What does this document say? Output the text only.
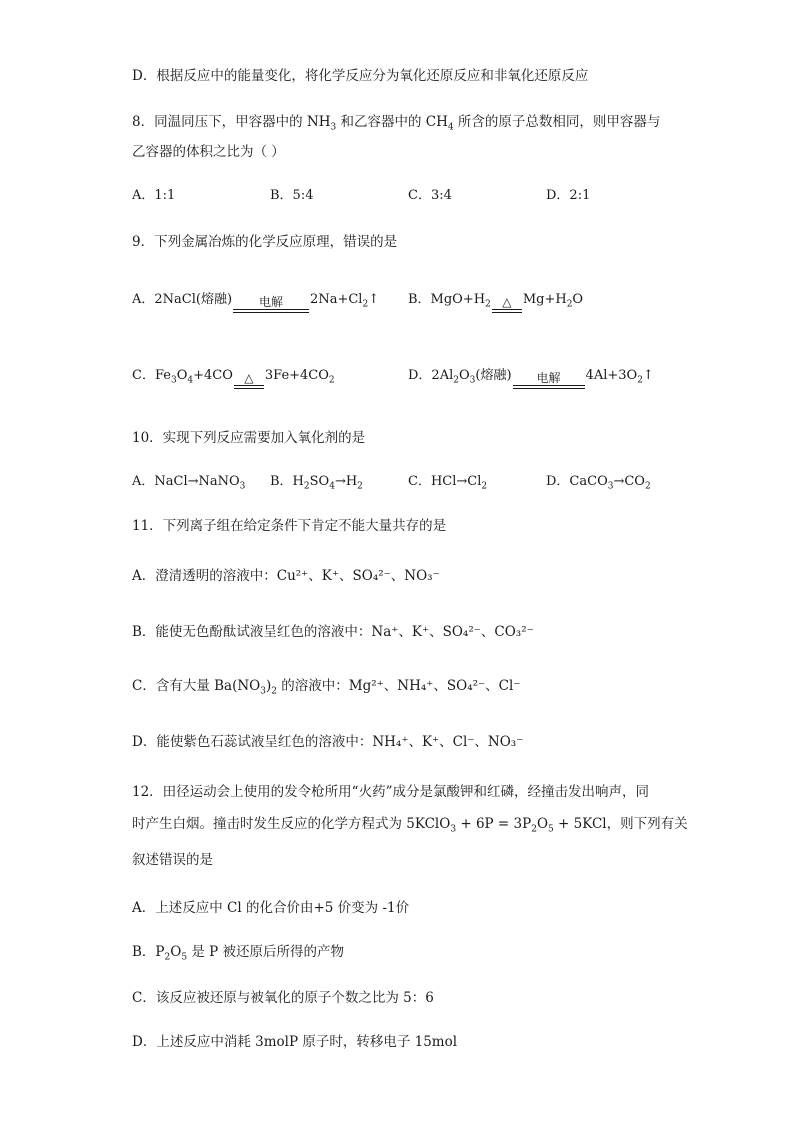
D．根据反应中的能量变化，将化学反应分为氧化还原反应和非氧化还原反应
8．同温同压下，甲容器中的 $NH_3$ 和乙容器中的 $CH_4$ 所含的原子总数相同，则甲容器与
乙容器的体积之比为（ ）
A．1:1	B．5:4	C．3:4	D．2:1
9．下列金属冶炼的化学反应原理，错误的是
A．2NaCl(熔融) 电解 $2Na+Cl_2↑$ B．$MgO+H_2$ △ $Mg+H_2O$
C．$Fe_3O_4+4CO$ △ $3Fe+4CO_2$	D．$2Al_2O_3$(熔融) 电解 $4Al+3O_2↑$
10．实现下列反应需要加入氧化剂的是
A．NaCl→NaNO$_3$ B．$H_2SO_4\to H_2$	C．$HCl\to Cl_2$	D．$CaCO_3\to CO_2$
11．下列离子组在给定条件下肯定不能大量共存的是
A．澄清透明的溶液中：Cu²⁺、K⁺、SO₄²⁻、NO₃⁻
B．能使无色酚酞试液呈红色的溶液中：Na⁺、K⁺、SO₄²⁻、CO₃²⁻
C．含有大量 $Ba(NO_3)_2$ 的溶液中：Mg²⁺、NH₄⁺、SO₄²⁻、Cl⁻
D．能使紫色石蕊试液呈红色的溶液中：NH₄⁺、K⁺、Cl⁻、NO₃⁻
12．田径运动会上使用的发令枪所用“火药”成分是氯酸钾和红磷，经撞击发出响声，同
时产生白烟。撞击时发生反应的化学方程式为 5KClO$_3$ + $6P = 3P_2O_5 + 5KCl$，则下列有关
叙述错误的是
A．上述反应中 Cl 的化合价由+5 价变为 -1价
B．$P_2O_5$ 是 P 被还原后所得的产物
C．该反应被还原与被氧化的原子个数之比为 5：6
D．上述反应中消耗 3molP 原子时，转移电子 15mol
